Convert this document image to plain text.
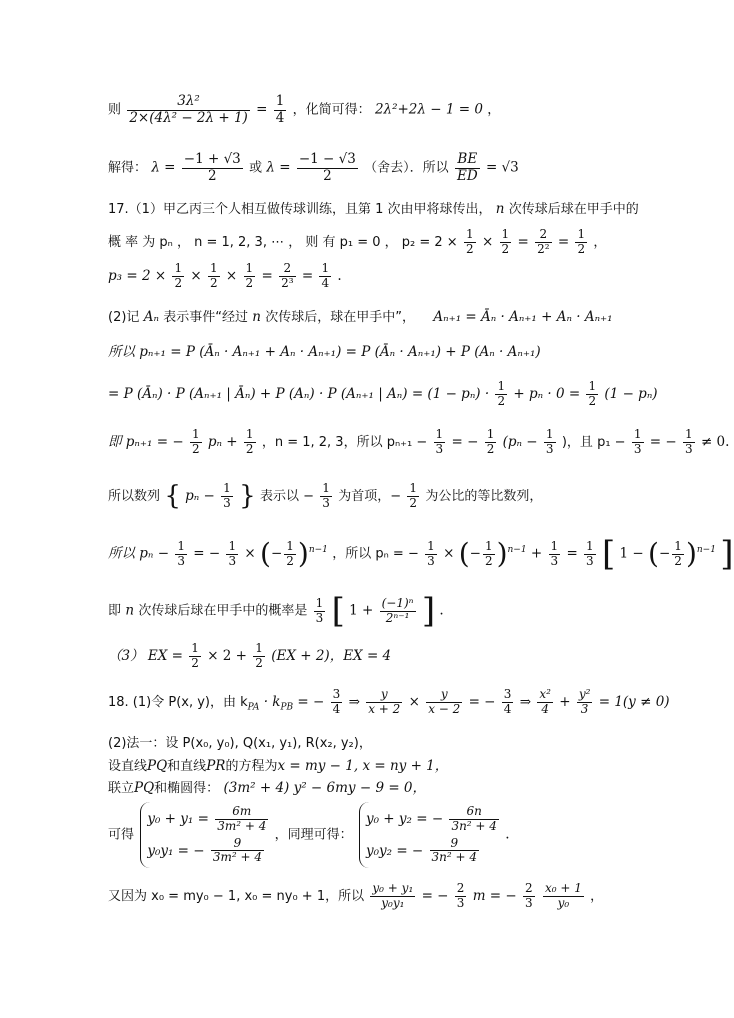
则 $\frac{\text{3λ²}}{\text{2×(4λ² − 2λ + 1)}} = \frac{1}{4}$ ，化简可得： 2λ²+2λ − 1 = 0 ，
解得： $\lambda = \frac{-1 + √3}{2}$ 或 $\lambda = \frac{-1 - √3}{2}$ （舍去）．所以 $\frac{BE}{ED} = √3$
17.（1）甲乙丙三个人相互做传球训练，且第 1 次由甲将球传出， n 次传球后球在甲手中的
概 率 为 pₙ ， n = 1, 2, 3, ⋯ ， 则 有 p₁ = 0 ， $p_2 = 2 \times \frac{1}{2} \times \frac{1}{2} = \frac{2}{\text{2²}} = \frac{1}{2}$ ，
$p_3 = 2 \times \frac{1}{2} \times \frac{1}{2} \times \frac{1}{2} = \frac{2}{\text{2³}} = \frac{1}{4}$ .
(2)记 Aₙ 表示事件“经过 n 次传球后，球在甲手中”， Aₙ₊₁ = Āₙ · Aₙ₊₁ + Aₙ · Aₙ₊₁
所以 pₙ₊₁ = P (Āₙ · Aₙ₊₁ + Aₙ · Aₙ₊₁) = P (Āₙ · Aₙ₊₁) + P (Aₙ · Aₙ₊₁)
= P (Āₙ) · P (Aₙ₊₁ | Āₙ) + P (Aₙ) · P (Aₙ₊₁ | $A_n) = (1 - p_n) \cdot \frac{1}{2} + p_n \cdot 0 = \frac{1}{2} (1 - p_n)$
即 pₙ₊₁ = − $\frac{1}{2}$ $p_n + \frac{1}{2}$ ，n = 1, 2, 3，所以 $p_{n+1} - \frac{1}{3}$ = − $\frac{1}{2} (p_n - \frac{1}{3}$ )，且 $p_1 - \frac{1}{3}$ = − $\frac{1}{3} \ne 0$.
所以数列 { $p_n - \frac{1}{3}$ } 表示以 − $\frac{1}{3}$ 为首项，− $\frac{1}{2}$ 为公比的等比数列，
所以 $p_n - \frac{1}{3}$ = − $\frac{1}{3}$ × (− $\frac{1}{2} )^{n-1}$ ，所以 pₙ = − $\frac{1}{3}$ × (− $\frac{1}{2} )^{n-1} + \frac{1}{3} = \frac{1}{3}$ [ 1 − (− $\frac{1}{2} )^{n-1}$ ]
即 n 次传球后球在甲手中的概率是 $\frac{1}{3}$ [ $1 + \frac{\text{(−1)ⁿ}}{\text{2ⁿ⁻¹}}$ ] .
（3） EX = $\frac{1}{2} \times 2 + \frac{1}{2} (EX + 2)$，EX = 4
18. (1)令 P(x, y)，由 $k_{PA} \cdot k_{PB}$ = − $\frac{3}{4}$ ⇒ $\frac{y}{x + 2} \times \frac{y}{x - 2}$ = − $\frac{3}{4}$ ⇒ $\frac{\text{x²}}{4} + \frac{\text{y²}}{3} = 1(y \ne 0)$
(2)法一：设 P(x₀, y₀), Q(x₁, y₁), R(x₂, y₂)，
设直线PQ和直线PR的方程为x = my − 1, x = ny + 1，
联立PQ和椭圆得： (3m² + 4) y² − 6my − 9 = 0，
可得
$y_0 + y_1 = \frac{6m}{\text{3m² + 4}}$
y₀y₁ = − $\frac{9}{\text{3m² + 4}}$
，同理可得：
y₀ + y₂ = − $\frac{6n}{\text{3n² + 4}}$
y₀y₂ = − $\frac{9}{\text{3n² + 4}}$
.
又因为 x₀ = my₀ − 1, x₀ = ny₀ + 1，所以 $\frac{\text{y₀ + y₁}}{\text{y₀y₁}}$ = − $\frac{2}{3}$ m = − $\frac{2}{3}$
$\frac{\text{x₀ + 1}}{\text{y₀}}$ ，
